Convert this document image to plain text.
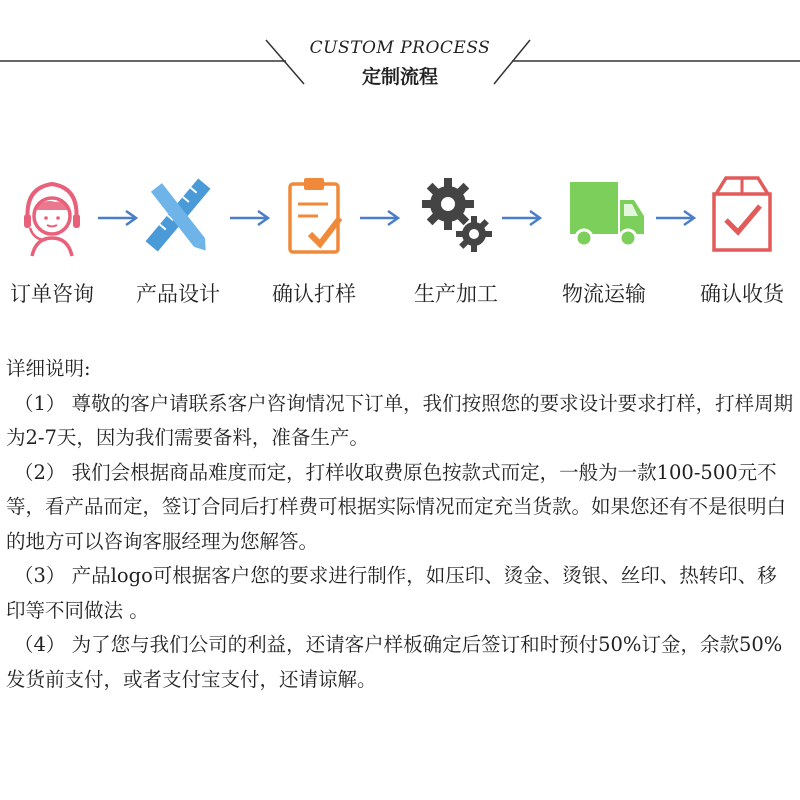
CUSTOM PROCESS
定制流程
订单咨询	产品设计	确认打样	生产加工	物流运输	确认收货

详细说明:

（1） 尊敬的客户请联系客户咨询情况下订单，我们按照您的要求设计要求打样，打样周期为2-7天，因为我们需要备料，准备生产。

（2） 我们会根据商品难度而定，打样收取费原色按款式而定，一般为一款100-500元不等，看产品而定，签订合同后打样费可根据实际情况而定充当货款。如果您还有不是很明白的地方可以咨询客服经理为您解答。

（3） 产品logo可根据客户您的要求进行制作，如压印、烫金、烫银、丝印、热转印、移印等不同做法 。

（4） 为了您与我们公司的利益，还请客户样板确定后签订和时预付50%订金，余款50%发货前支付，或者支付宝支付，还请谅解。
